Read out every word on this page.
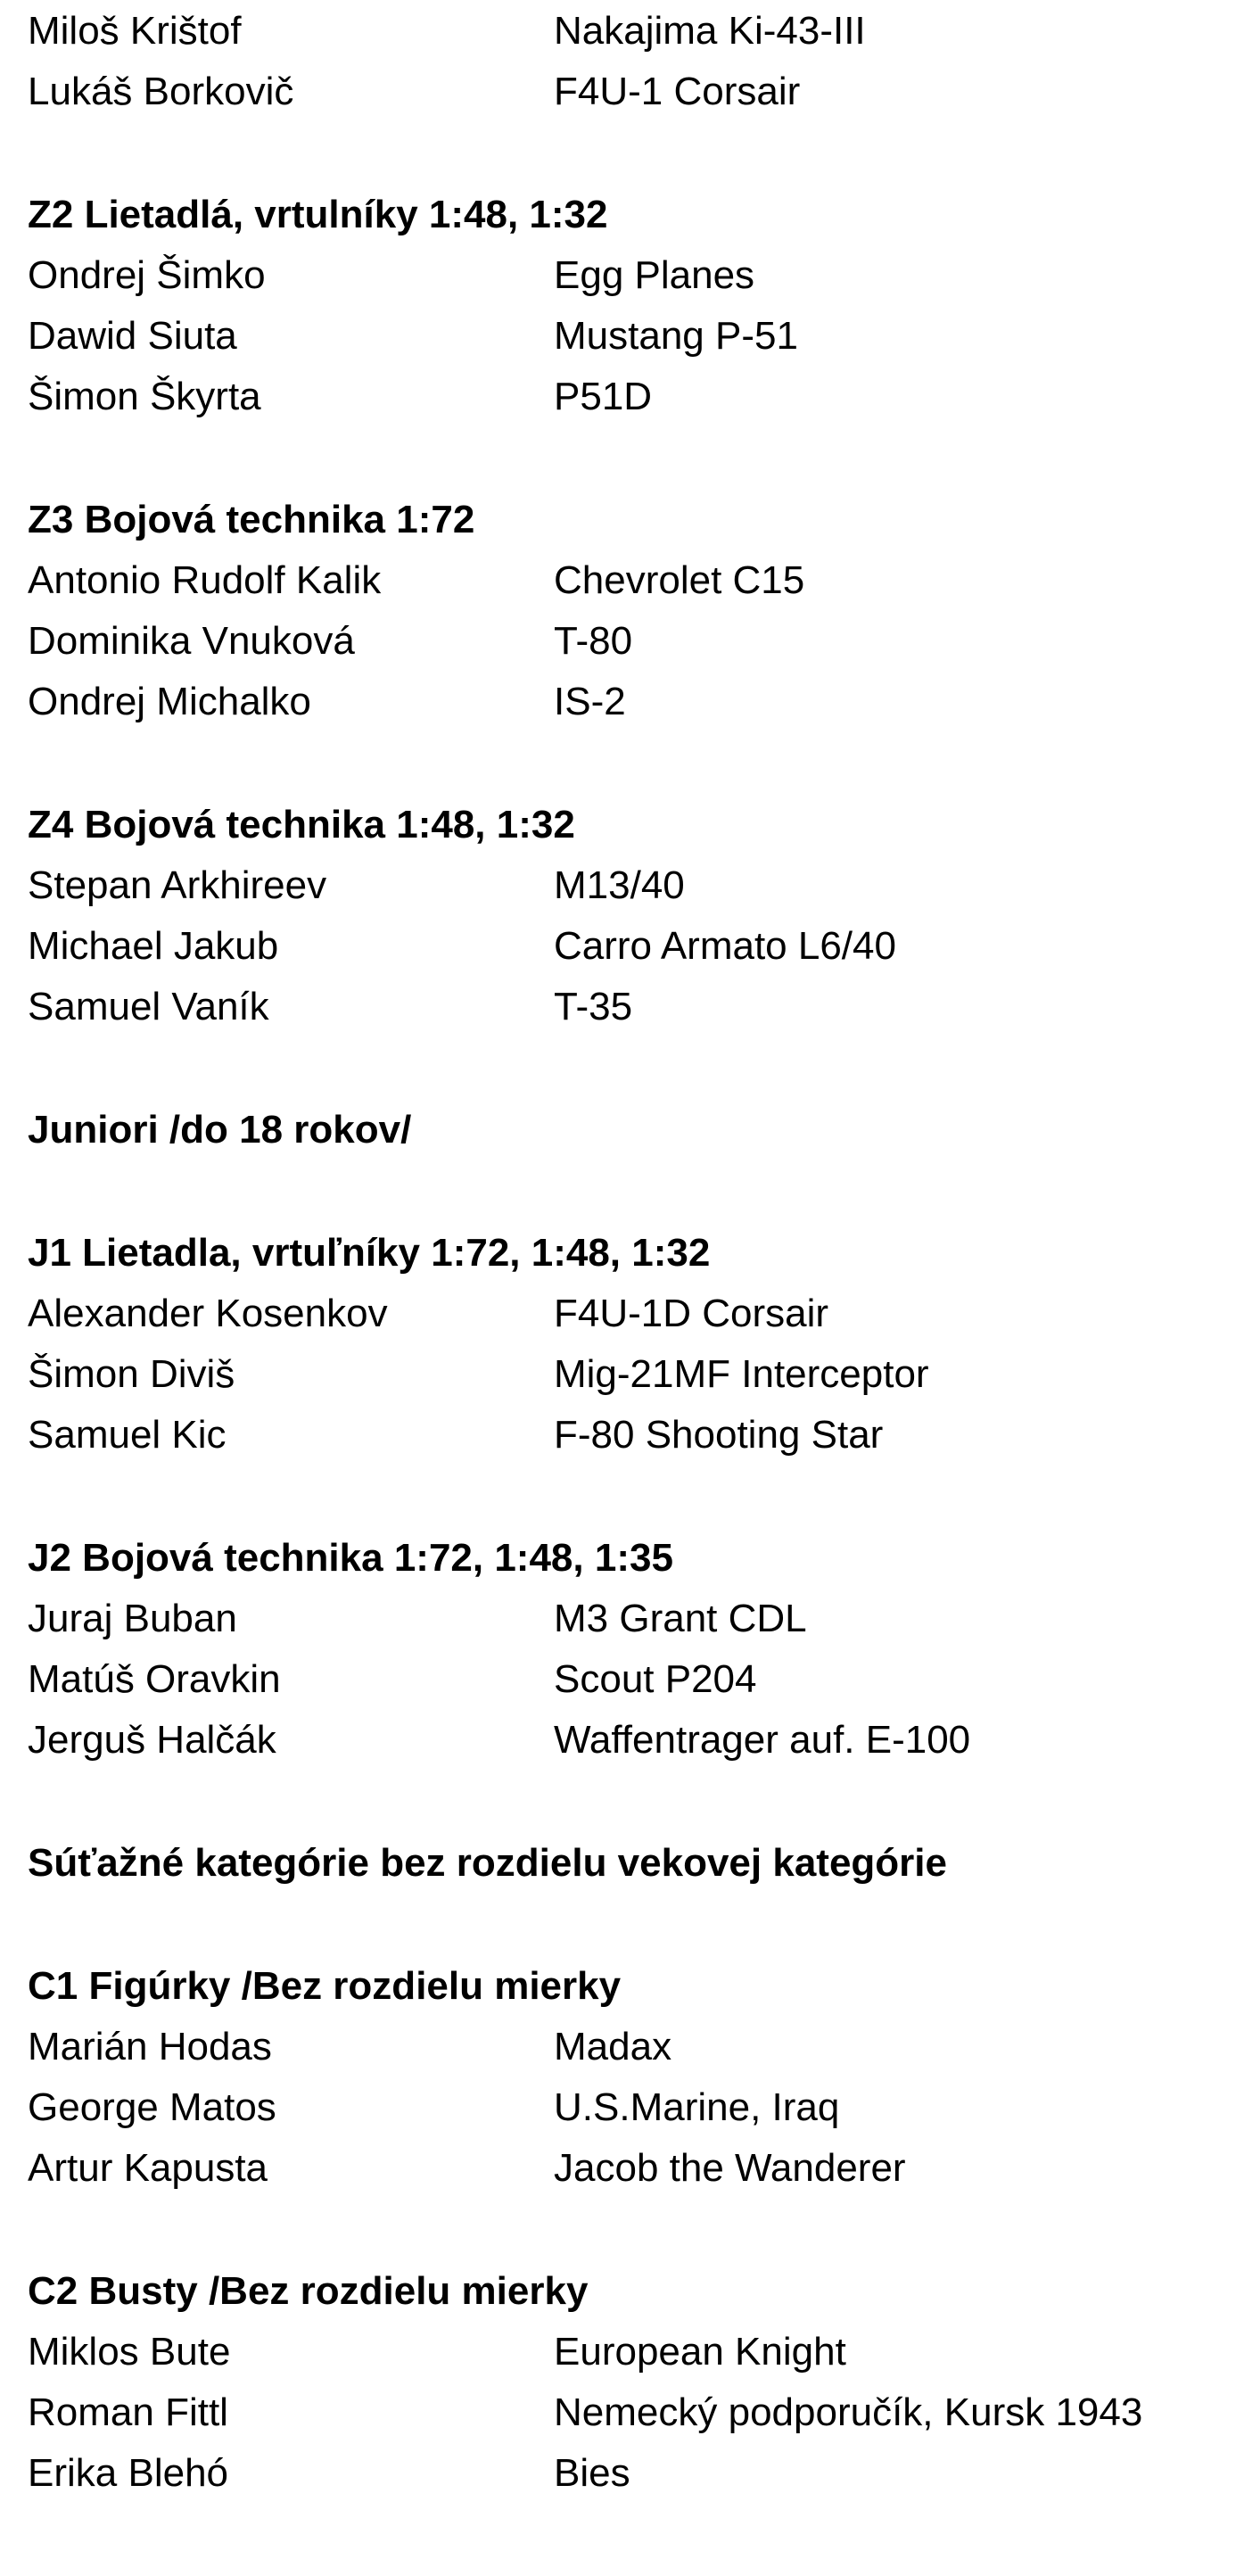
Miloš Krištof	Nakajima Ki-43-III
Lukáš Borkovič	F4U-1 Corsair
Z2 Lietadlá, vrtulníky 1:48, 1:32
Ondrej Šimko	Egg Planes
Dawid Siuta	Mustang P-51
Šimon Škyrta	P51D
Z3 Bojová technika 1:72
Antonio Rudolf Kalik	Chevrolet C15
Dominika Vnuková	T-80
Ondrej Michalko	IS-2
Z4 Bojová technika 1:48, 1:32
Stepan Arkhireev	M13/40
Michael Jakub	Carro Armato L6/40
Samuel Vaník	T-35
Juniori /do 18 rokov/
J1 Lietadla, vrtuľníky 1:72, 1:48, 1:32
Alexander Kosenkov	F4U-1D Corsair
Šimon Diviš	Mig-21MF Interceptor
Samuel Kic	F-80 Shooting Star
J2 Bojová technika 1:72, 1:48, 1:35
Juraj Buban	M3 Grant CDL
Matúš Oravkin	Scout P204
Jerguš Halčák	Waffentrager auf. E-100
Súťažné kategórie bez rozdielu vekovej kategórie
C1 Figúrky /Bez rozdielu mierky
Marián Hodas	Madax
George Matos	U.S.Marine, Iraq
Artur Kapusta	Jacob the Wanderer
C2 Busty /Bez rozdielu mierky
Miklos Bute	European Knight
Roman Fittl	Nemecký podporučík, Kursk 1943
Erika Blehó	Bies
